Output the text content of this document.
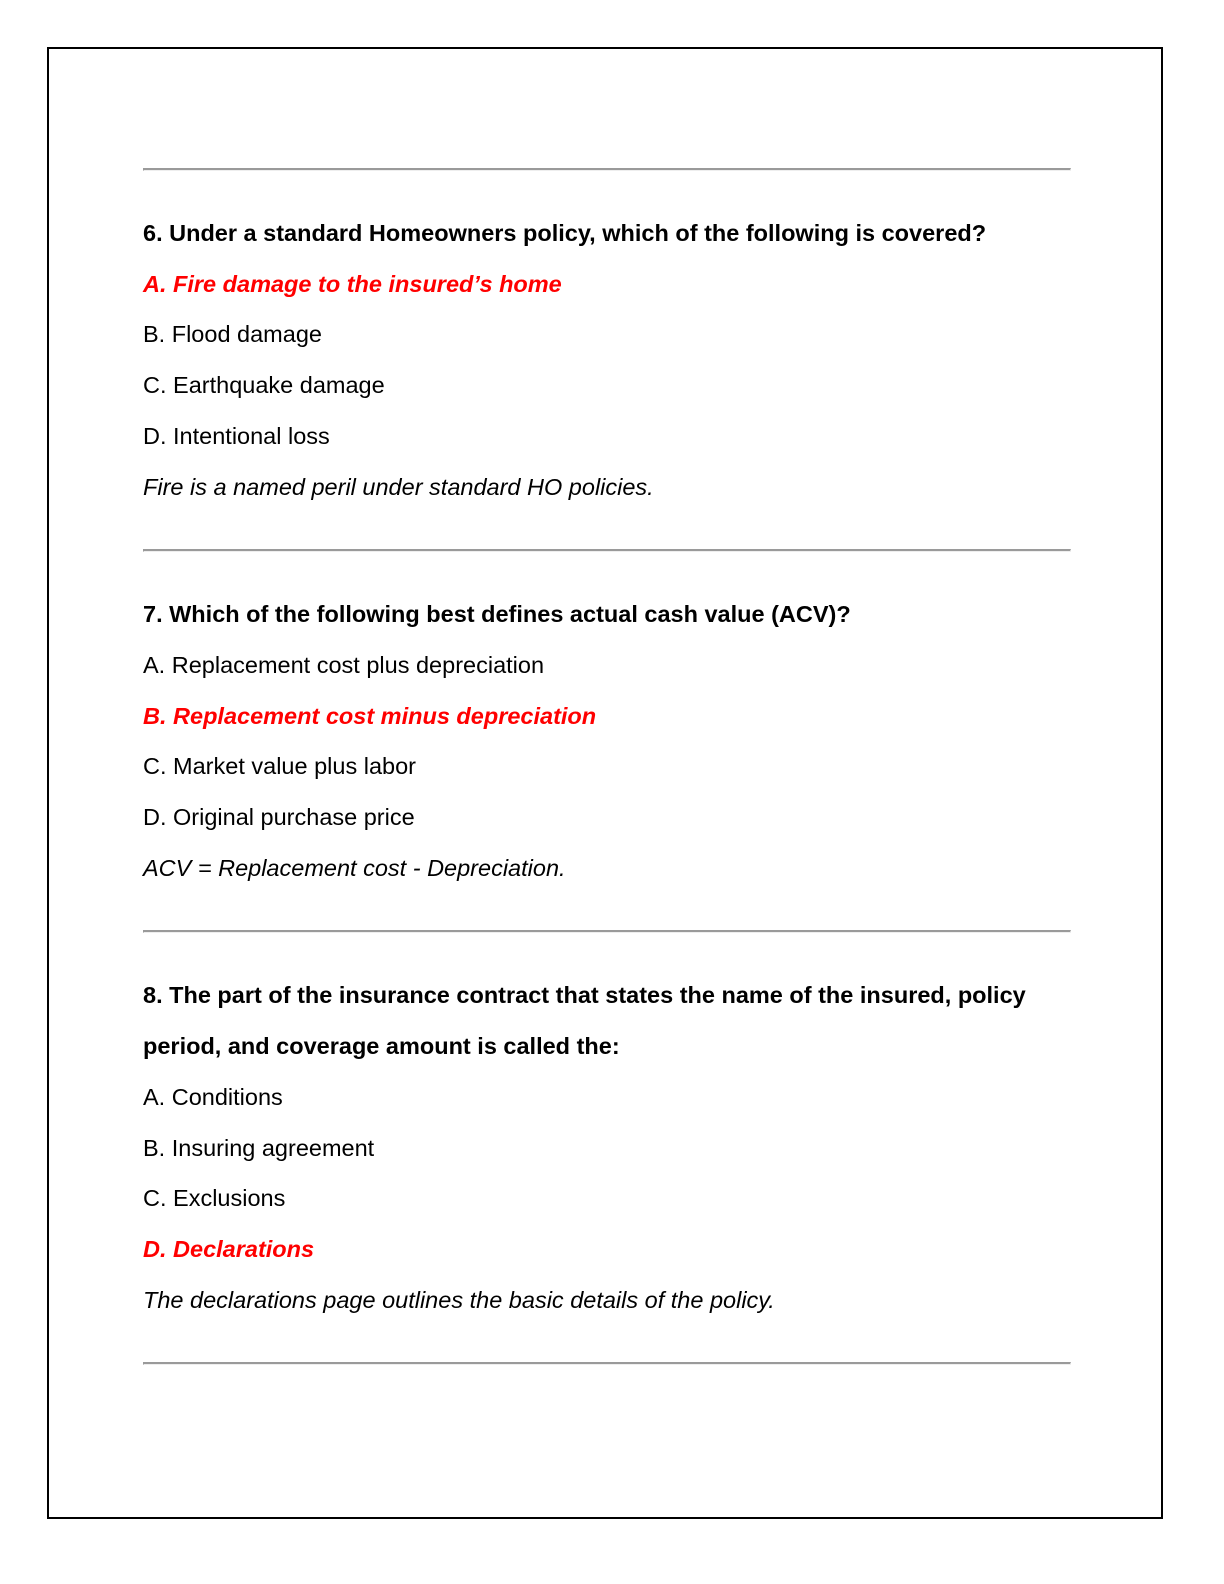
6. Under a standard Homeowners policy, which of the following is covered?
A. Fire damage to the insured’s home
B. Flood damage
C. Earthquake damage
D. Intentional loss
Fire is a named peril under standard HO policies.
7. Which of the following best defines actual cash value (ACV)?
A. Replacement cost plus depreciation
B. Replacement cost minus depreciation
C. Market value plus labor
D. Original purchase price
ACV = Replacement cost - Depreciation.
8. The part of the insurance contract that states the name of the insured, policy period, and coverage amount is called the:
A. Conditions
B. Insuring agreement
C. Exclusions
D. Declarations
The declarations page outlines the basic details of the policy.
